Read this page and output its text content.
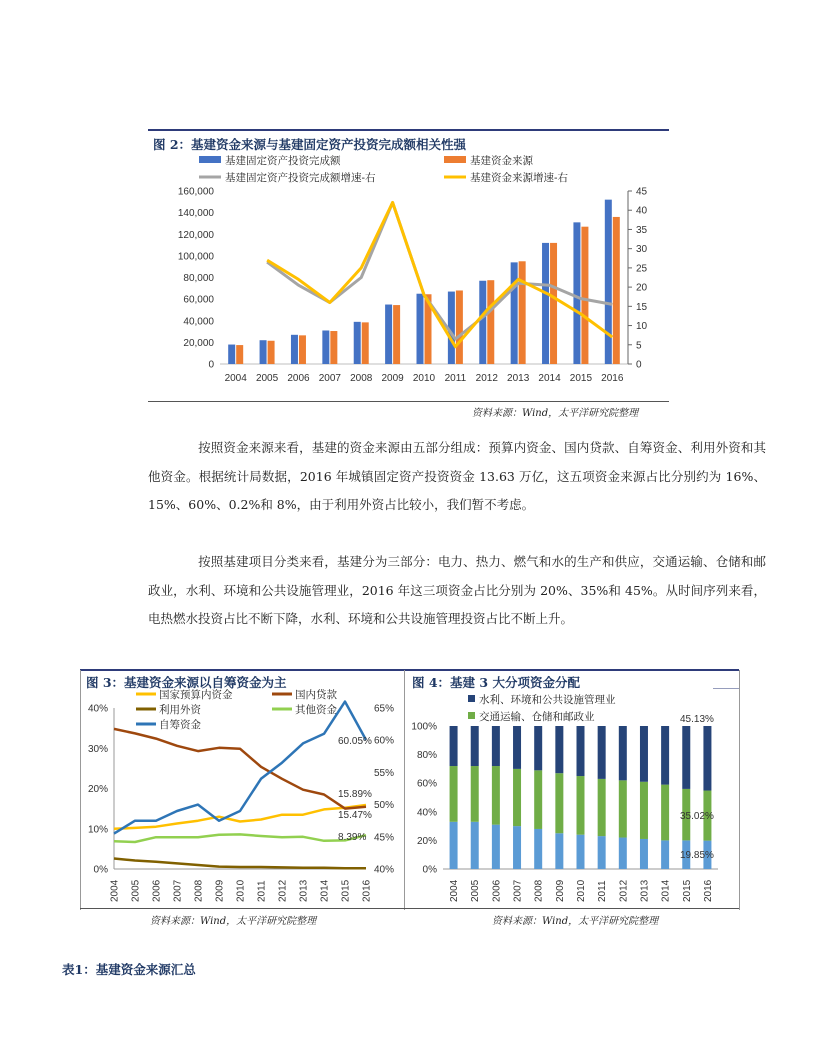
图 2：基建资金来源与基建固定资产投资完成额相关性强
基建固定资产投资完成额	基建资金来源
基建固定资产投资完成额增速-右	基建资金来源增速-右
0
20,000
40,000
60,000
80,000
100,000
120,000
140,000
160,000
0
5
10
15
20
25
30
35
40
45
2004 2005 2006 2007 2008 2009 2010 2011 2012 2013 2014 2015 2016
资料来源：Wind，太平洋研究院整理

按照资金来源来看，基建的资金来源由五部分组成：预算内资金、国内贷款、自筹资金、利用外资和其他资金。根据统计局数据，2016 年城镇固定资产投资资金 13.63 万亿，这五项资金来源占比分别约为 16%、15%、60%、0.2%和 8%，由于利用外资占比较小，我们暂不考虑。

按照基建项目分类来看，基建分为三部分：电力、热力、燃气和水的生产和供应，交通运输、仓储和邮政业，水利、环境和公共设施管理业，2016 年这三项资金占比分别为 20%、35%和 45%。从时间序列来看，电热燃水投资占比不断下降，水利、环境和公共设施管理投资占比不断上升。

图 3：基建资金来源以自筹资金为主	图 4：基建 3 大分项资金分配
国家预算内资金	国内贷款
利用外资	其他资金
自筹资金
0%
10%
20%
30%
40%
40%
45%
50%
55%
60%
65%
2004 2005 2006 2007 2008 2009 2010 2011 2012 2013 2014 2015 2016
60.05%
15.89%
15.47%
8.39%
水利、环境和公共设施管理业
交通运输、仓储和邮政业
0%
20%
40%
60%
80%
100%
2004 2005 2006 2007 2008 2009 2010 2011 2012 2013 2014 2015 2016
45.13%
35.02%
19.85%
资料来源：Wind，太平洋研究院整理	资料来源：Wind，太平洋研究院整理
表1：基建资金来源汇总
